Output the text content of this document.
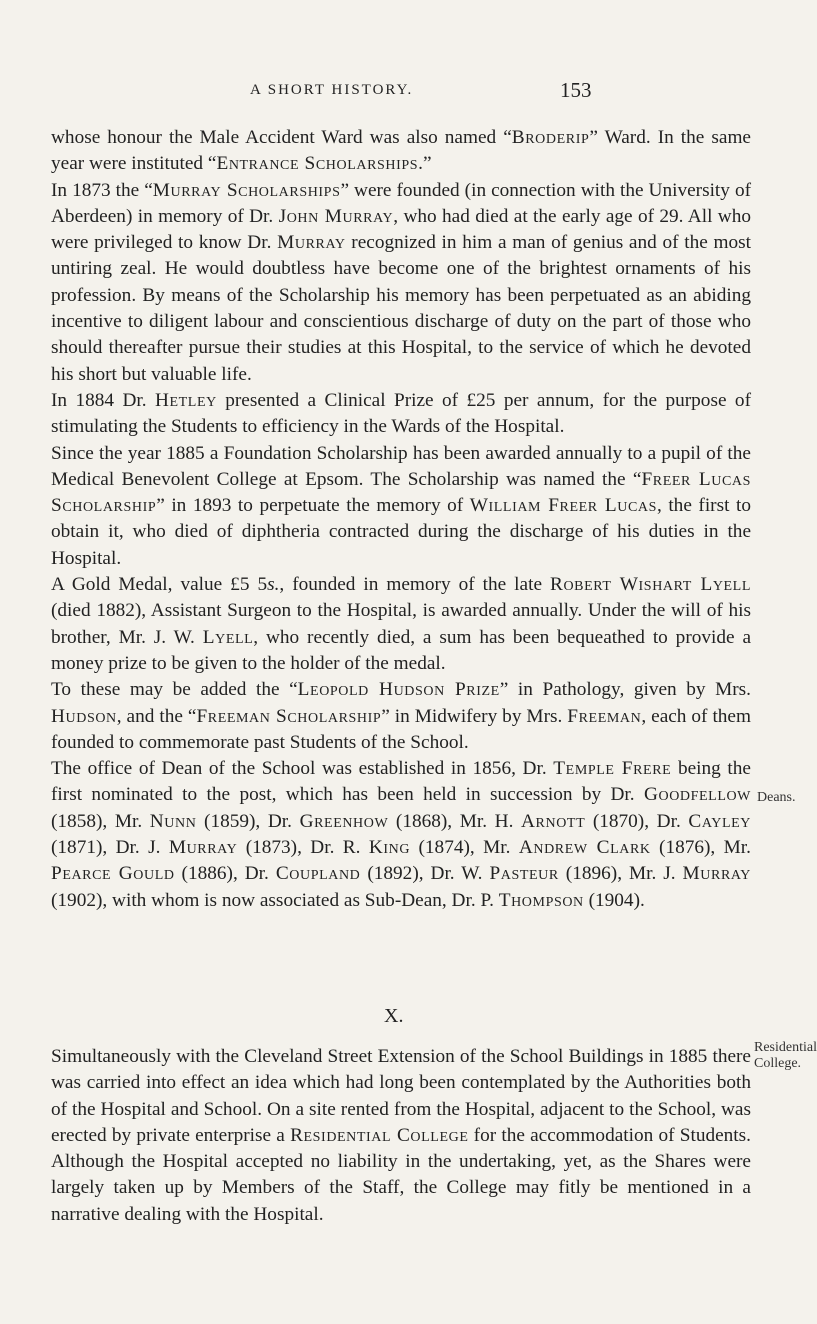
A SHORT HISTORY.	153

whose honour the Male Accident Ward was also named “Broderip” Ward. In the same year were instituted “Entrance Scholarships.”

In 1873 the “Murray Scholarships” were founded (in connection with the University of Aberdeen) in memory of Dr. John Murray, who had died at the early age of 29. All who were privileged to know Dr. Murray recognized in him a man of genius and of the most untiring zeal. He would doubtless have become one of the brightest ornaments of his profession. By means of the Scholarship his memory has been perpetuated as an abiding incentive to diligent labour and conscientious discharge of duty on the part of those who should thereafter pursue their studies at this Hospital, to the service of which he devoted his short but valuable life.

In 1884 Dr. Hetley presented a Clinical Prize of £25 per annum, for the purpose of stimulating the Students to efficiency in the Wards of the Hospital.

Since the year 1885 a Foundation Scholarship has been awarded annually to a pupil of the Medical Benevolent College at Epsom. The Scholarship was named the “Freer Lucas Scholarship” in 1893 to perpetuate the memory of William Freer Lucas, the first to obtain it, who died of diphtheria contracted during the discharge of his duties in the Hospital.

A Gold Medal, value £5 5s., founded in memory of the late Robert Wishart Lyell (died 1882), Assistant Surgeon to the Hospital, is awarded annually. Under the will of his brother, Mr. J. W. Lyell, who recently died, a sum has been bequeathed to provide a money prize to be given to the holder of the medal.

To these may be added the “Leopold Hudson Prize” in Pathology, given by Mrs. Hudson, and the “Freeman Scholarship” in Midwifery by Mrs. Freeman, each of them founded to commemorate past Students of the School.

The office of Dean of the School was established in 1856, Dr. Temple Frere being the first nominated to the post, which has been held in succession by Dr. Goodfellow (1858), Mr. Nunn (1859), Dr. Greenhow (1868), Mr. H. Arnott (1870), Dr. Cayley (1871), Dr. J. Murray (1873), Dr. R. King (1874), Mr. Andrew Clark (1876), Mr. Pearce Gould (1886), Dr. Coupland (1892), Dr. W. Pasteur (1896), Mr. J. Murray (1902), with whom is now associated as Sub-Dean, Dr. P. Thompson (1904).

Deans.
X.

Simultaneously with the Cleveland Street Extension of the School Buildings in 1885 there was carried into effect an idea which had long been contemplated by the Authorities both of the Hospital and School. On a site rented from the Hospital, adjacent to the School, was erected by private enterprise a Residential College for the accommodation of Students. Although the Hospital accepted no liability in the undertaking, yet, as the Shares were largely taken up by Members of the Staff, the College may fitly be mentioned in a narrative dealing with the Hospital.

Residential College.
